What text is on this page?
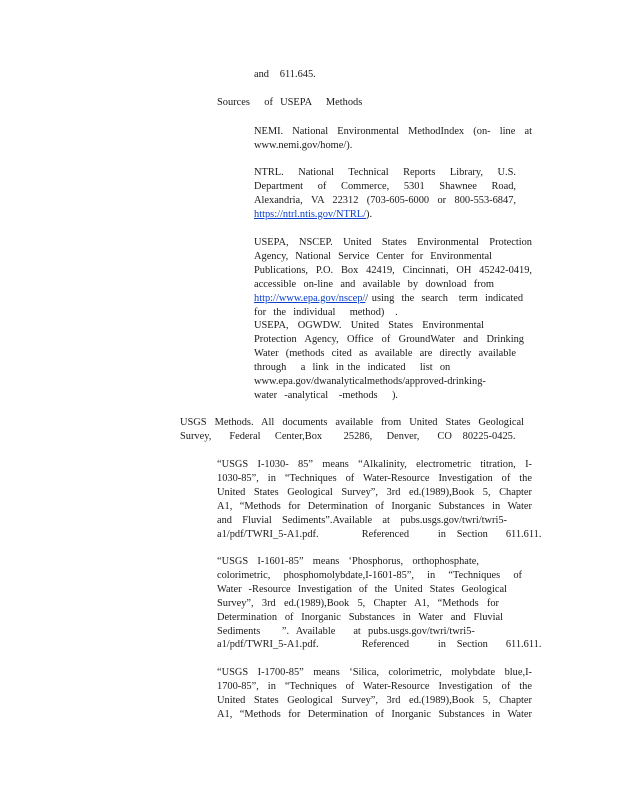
and   611.645.
Sources    of  USEPA    Methods
NEMI. National Environmental MethodIndex (on- line at
www.nemi.gov/home/).
NTRL. National Technical Reports Library, U.S.
Department of Commerce, 5301 Shawnee Road,
Alexandria, VA 22312 (703-605-6000 or 800-553-6847,
https://ntrl.ntis.gov/NTRL/).
USEPA, NSCEP. United States Environmental Protection
Agency, National Service Center for Environmental
Publications, P.O. Box 42419, Cincinnati, OH 45242-0419,
accessible on-line and available by download from
http://www.epa.gov/nscep// using  the  search   term  indicated
for  the  individual    method)   .
USEPA, OGWDW. United States Environmental
Protection Agency, Office of GroundWater and Drinking
Water (methods cited as available are directly available
through    a  link  in the  indicated    list  on
www.epa.gov/dwanalyticalmethods/approved-drinking-
water  -analytical   -methods    ).
USGS Methods. All documents available from United States Geological
Survey,     Federal    Center,Box      25286,    Denver,     CO   80225-0425.
“USGS I-1030- 85” means “Alkalinity, electrometric titration, I-
1030-85”, in “Techniques of Water-Resource Investigation of the
United States Geological Survey”, 3rd ed.(1989),Book 5, Chapter
A1, “Methods for Determination of Inorganic Substances in Water
and Fluvial Sediments”.Available at pubs.usgs.gov/twri/twri5-
a1/pdf/TWRI_5-A1.pdf.            Referenced        in   Section     611.611.
“USGS I-1601-85” means ‘Phosphorus, orthophosphate,
colorimetric, phosphomolybdate,I-1601-85”, in “Techniques of
Water -Resource Investigation of the United States Geological
Survey”, 3rd ed.(1989),Book 5, Chapter A1, “Methods for
Determination of Inorganic Substances in Water and Fluvial
Sediments      ”.  Available     at  pubs.usgs.gov/twri/twri5-
a1/pdf/TWRI_5-A1.pdf.            Referenced        in   Section     611.611.
“USGS I-1700-85” means ‘Silica, colorimetric, molybdate blue,I-
1700-85”, in “Techniques of Water-Resource Investigation of the
United States Geological Survey”, 3rd ed.(1989),Book 5, Chapter
A1, “Methods for Determination of Inorganic Substances in Water
